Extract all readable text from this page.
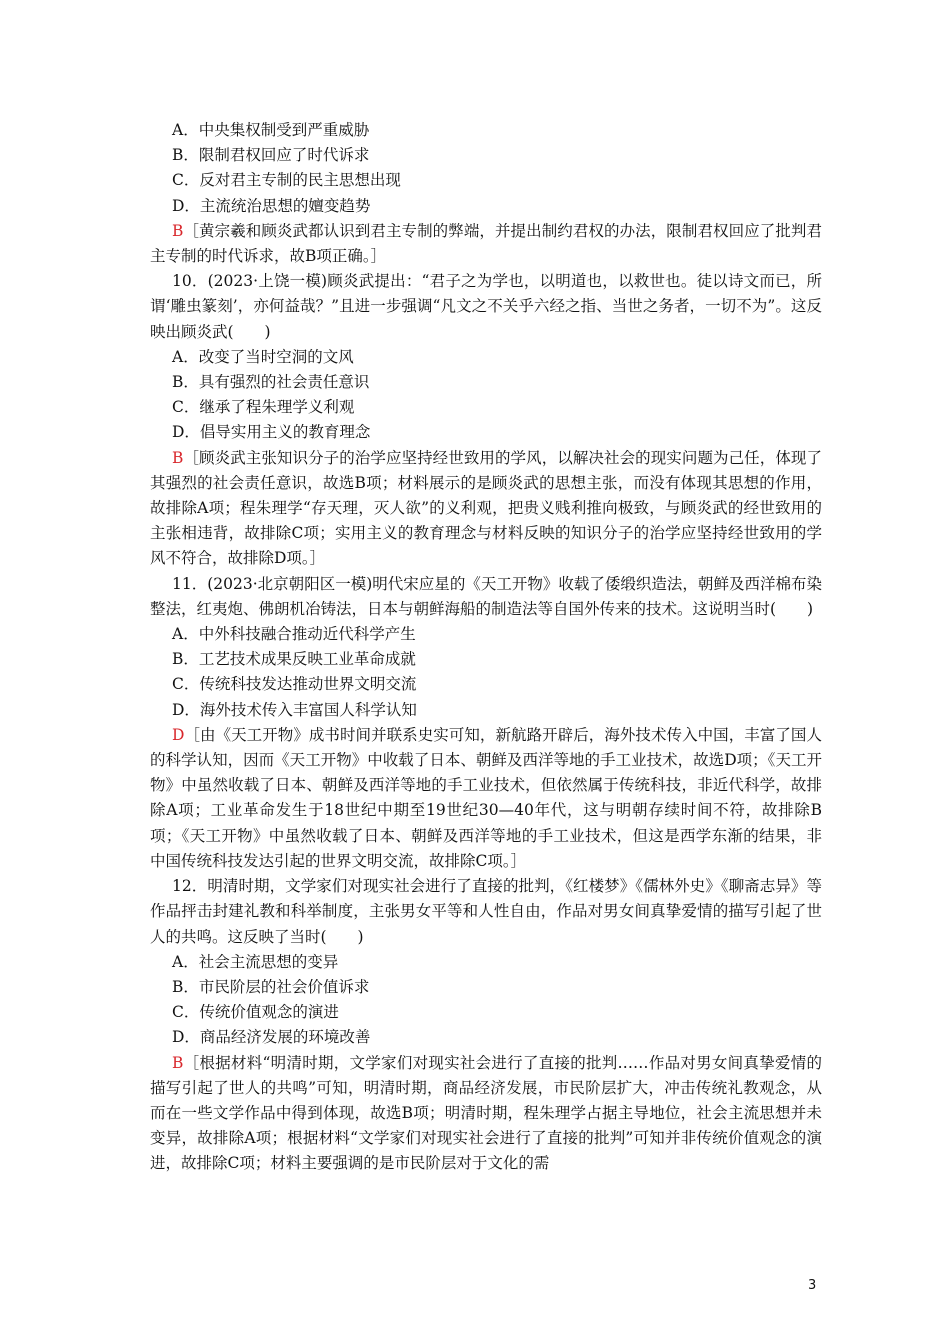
A．中央集权制受到严重威胁

B．限制君权回应了时代诉求

C．反对君主专制的民主思想出现

D．主流统治思想的嬗变趋势

B［黄宗羲和顾炎武都认识到君主专制的弊端，并提出制约君权的办法，限制君权回应了批判君主专制的时代诉求，故B项正确。］

10．(2023·上饶一模)顾炎武提出：“君子之为学也，以明道也，以救世也。徒以诗文而已，所谓‘雕虫篆刻’，亦何益哉？”且进一步强调“凡文之不关乎六经之指、当世之务者，一切不为”。这反映出顾炎武(　　)

A．改变了当时空洞的文风

B．具有强烈的社会责任意识

C．继承了程朱理学义利观

D．倡导实用主义的教育理念

B［顾炎武主张知识分子的治学应坚持经世致用的学风，以解决社会的现实问题为己任，体现了其强烈的社会责任意识，故选B项；材料展示的是顾炎武的思想主张，而没有体现其思想的作用，故排除A项；程朱理学“存天理，灭人欲”的义利观，把贵义贱利推向极致，与顾炎武的经世致用的主张相违背，故排除C项；实用主义的教育理念与材料反映的知识分子的治学应坚持经世致用的学风不符合，故排除D项。］

11．(2023·北京朝阳区一模)明代宋应星的《天工开物》收载了倭缎织造法，朝鲜及西洋棉布染整法，红夷炮、佛朗机冶铸法，日本与朝鲜海船的制造法等自国外传来的技术。这说明当时(　　)

A．中外科技融合推动近代科学产生

B．工艺技术成果反映工业革命成就

C．传统科技发达推动世界文明交流

D．海外技术传入丰富国人科学认知

D［由《天工开物》成书时间并联系史实可知，新航路开辟后，海外技术传入中国，丰富了国人的科学认知，因而《天工开物》中收载了日本、朝鲜及西洋等地的手工业技术，故选D项；《天工开物》中虽然收载了日本、朝鲜及西洋等地的手工业技术，但依然属于传统科技，非近代科学，故排除A项；工业革命发生于18世纪中期至19世纪30—40年代，这与明朝存续时间不符，故排除B项；《天工开物》中虽然收载了日本、朝鲜及西洋等地的手工业技术，但这是西学东渐的结果，非中国传统科技发达引起的世界文明交流，故排除C项。］

12．明清时期，文学家们对现实社会进行了直接的批判，《红楼梦》《儒林外史》《聊斋志异》等作品抨击封建礼教和科举制度，主张男女平等和人性自由，作品对男女间真挚爱情的描写引起了世人的共鸣。这反映了当时(　　)

A．社会主流思想的变异

B．市民阶层的社会价值诉求

C．传统价值观念的演进

D．商品经济发展的环境改善

B［根据材料“明清时期，文学家们对现实社会进行了直接的批判……作品对男女间真挚爱情的描写引起了世人的共鸣”可知，明清时期，商品经济发展，市民阶层扩大，冲击传统礼教观念，从而在一些文学作品中得到体现，故选B项；明清时期，程朱理学占据主导地位，社会主流思想并未变异，故排除A项；根据材料“文学家们对现实社会进行了直接的批判”可知并非传统价值观念的演进，故排除C项；材料主要强调的是市民阶层对于文化的需

3
